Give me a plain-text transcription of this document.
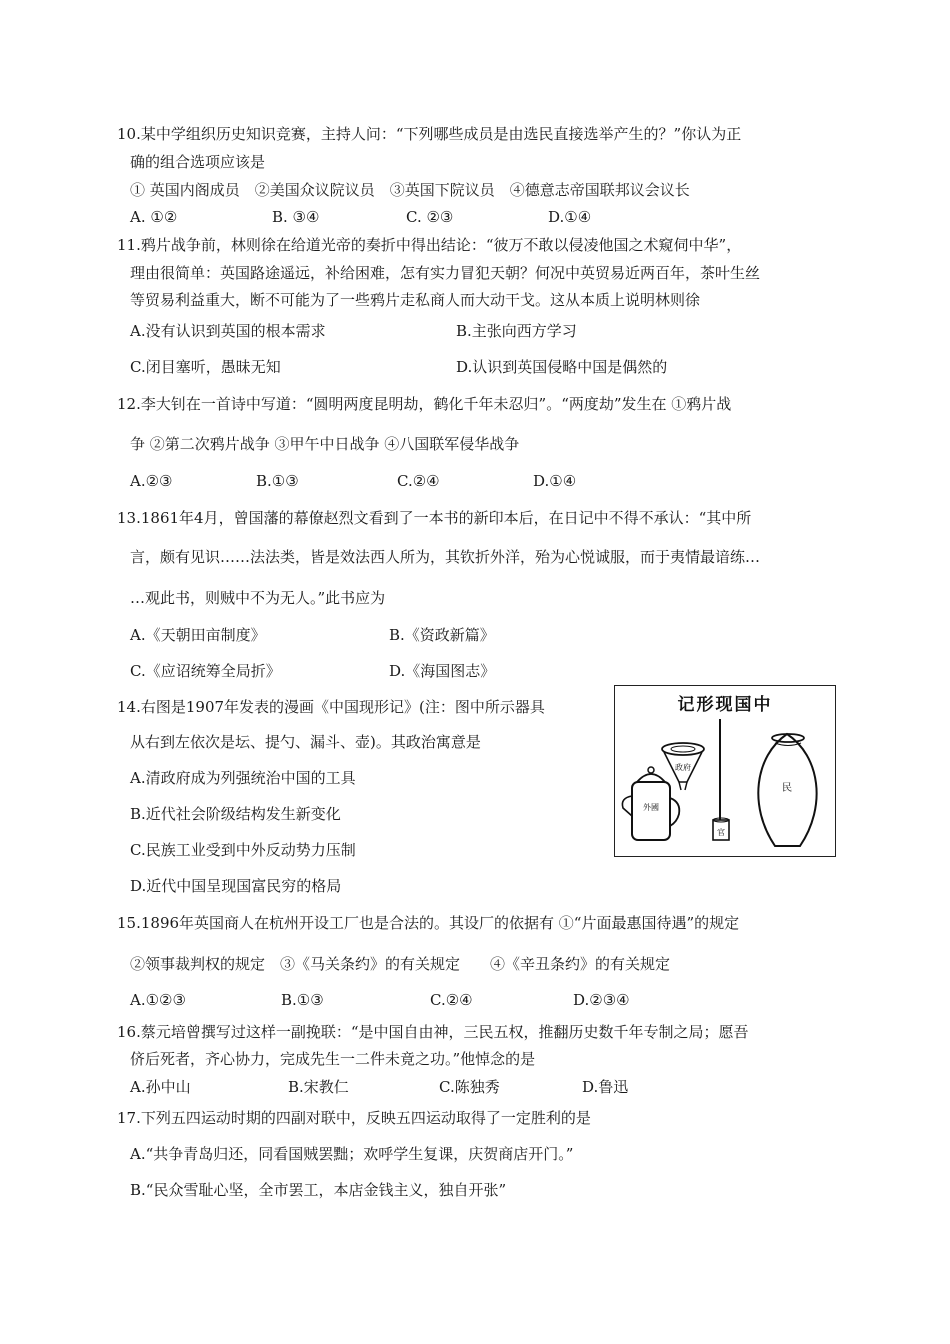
10.某中学组织历史知识竞赛，主持人问：“下列哪些成员是由选民直接选举产生的？”你认为正
确的组合选项应该是
① 英国内阁成员　②美国众议院议员　③英国下院议员　④德意志帝国联邦议会议长
A. ①②	B. ③④	C. ②③	D.①④
11.鸦片战争前，林则徐在给道光帝的奏折中得出结论：“彼万不敢以侵凌他国之术窥伺中华”，
理由很简单：英国路途遥远，补给困难，怎有实力冒犯天朝？何况中英贸易近两百年，茶叶生丝
等贸易利益重大，断不可能为了一些鸦片走私商人而大动干戈。这从本质上说明林则徐
A.没有认识到英国的根本需求	B.主张向西方学习
C.闭目塞听，愚昧无知	D.认识到英国侵略中国是偶然的
12.李大钊在一首诗中写道：“圆明两度昆明劫，鹤化千年未忍归”。“两度劫”发生在 ①鸦片战
争 ②第二次鸦片战争 ③甲午中日战争 ④八国联军侵华战争
A.②③	B.①③	C.②④	D.①④
13.1861年4月，曾国藩的幕僚赵烈文看到了一本书的新印本后，在日记中不得不承认：“其中所
言，颇有见识……法法类，皆是效法西人所为，其钦折外洋，殆为心悦诚服，而于夷情最谙练…
…观此书，则贼中不为无人。”此书应为
A.《天朝田亩制度》	B.《资政新篇》
C.《应诏统筹全局折》	D.《海国图志》
14.右图是1907年发表的漫画《中国现形记》(注：图中所示器具
从右到左依次是坛、提勺、漏斗、壶)。其政治寓意是
A.清政府成为列强统治中国的工具
B.近代社会阶级结构发生新变化
C.民族工业受到中外反动势力压制
D.近代中国呈现国富民穷的格局
记形现国中
民
官
政府
外國
15.1896年英国商人在杭州开设工厂也是合法的。其设厂的依据有 ①“片面最惠国待遇”的规定
②领事裁判权的规定　③《马关条约》的有关规定　　④《辛丑条约》的有关规定
A.①②③	B.①③	C.②④	D.②③④
16.蔡元培曾撰写过这样一副挽联：“是中国自由神，三民五权，推翻历史数千年专制之局；愿吾
侪后死者，齐心协力，完成先生一二件未竟之功。”他悼念的是
A.孙中山	B.宋教仁	C.陈独秀	D.鲁迅
17.下列五四运动时期的四副对联中，反映五四运动取得了一定胜利的是
A.“共争青岛归还，同看国贼罢黜；欢呼学生复课，庆贺商店开门。”
B.“民众雪耻心坚，全市罢工，本店金钱主义，独自开张”
